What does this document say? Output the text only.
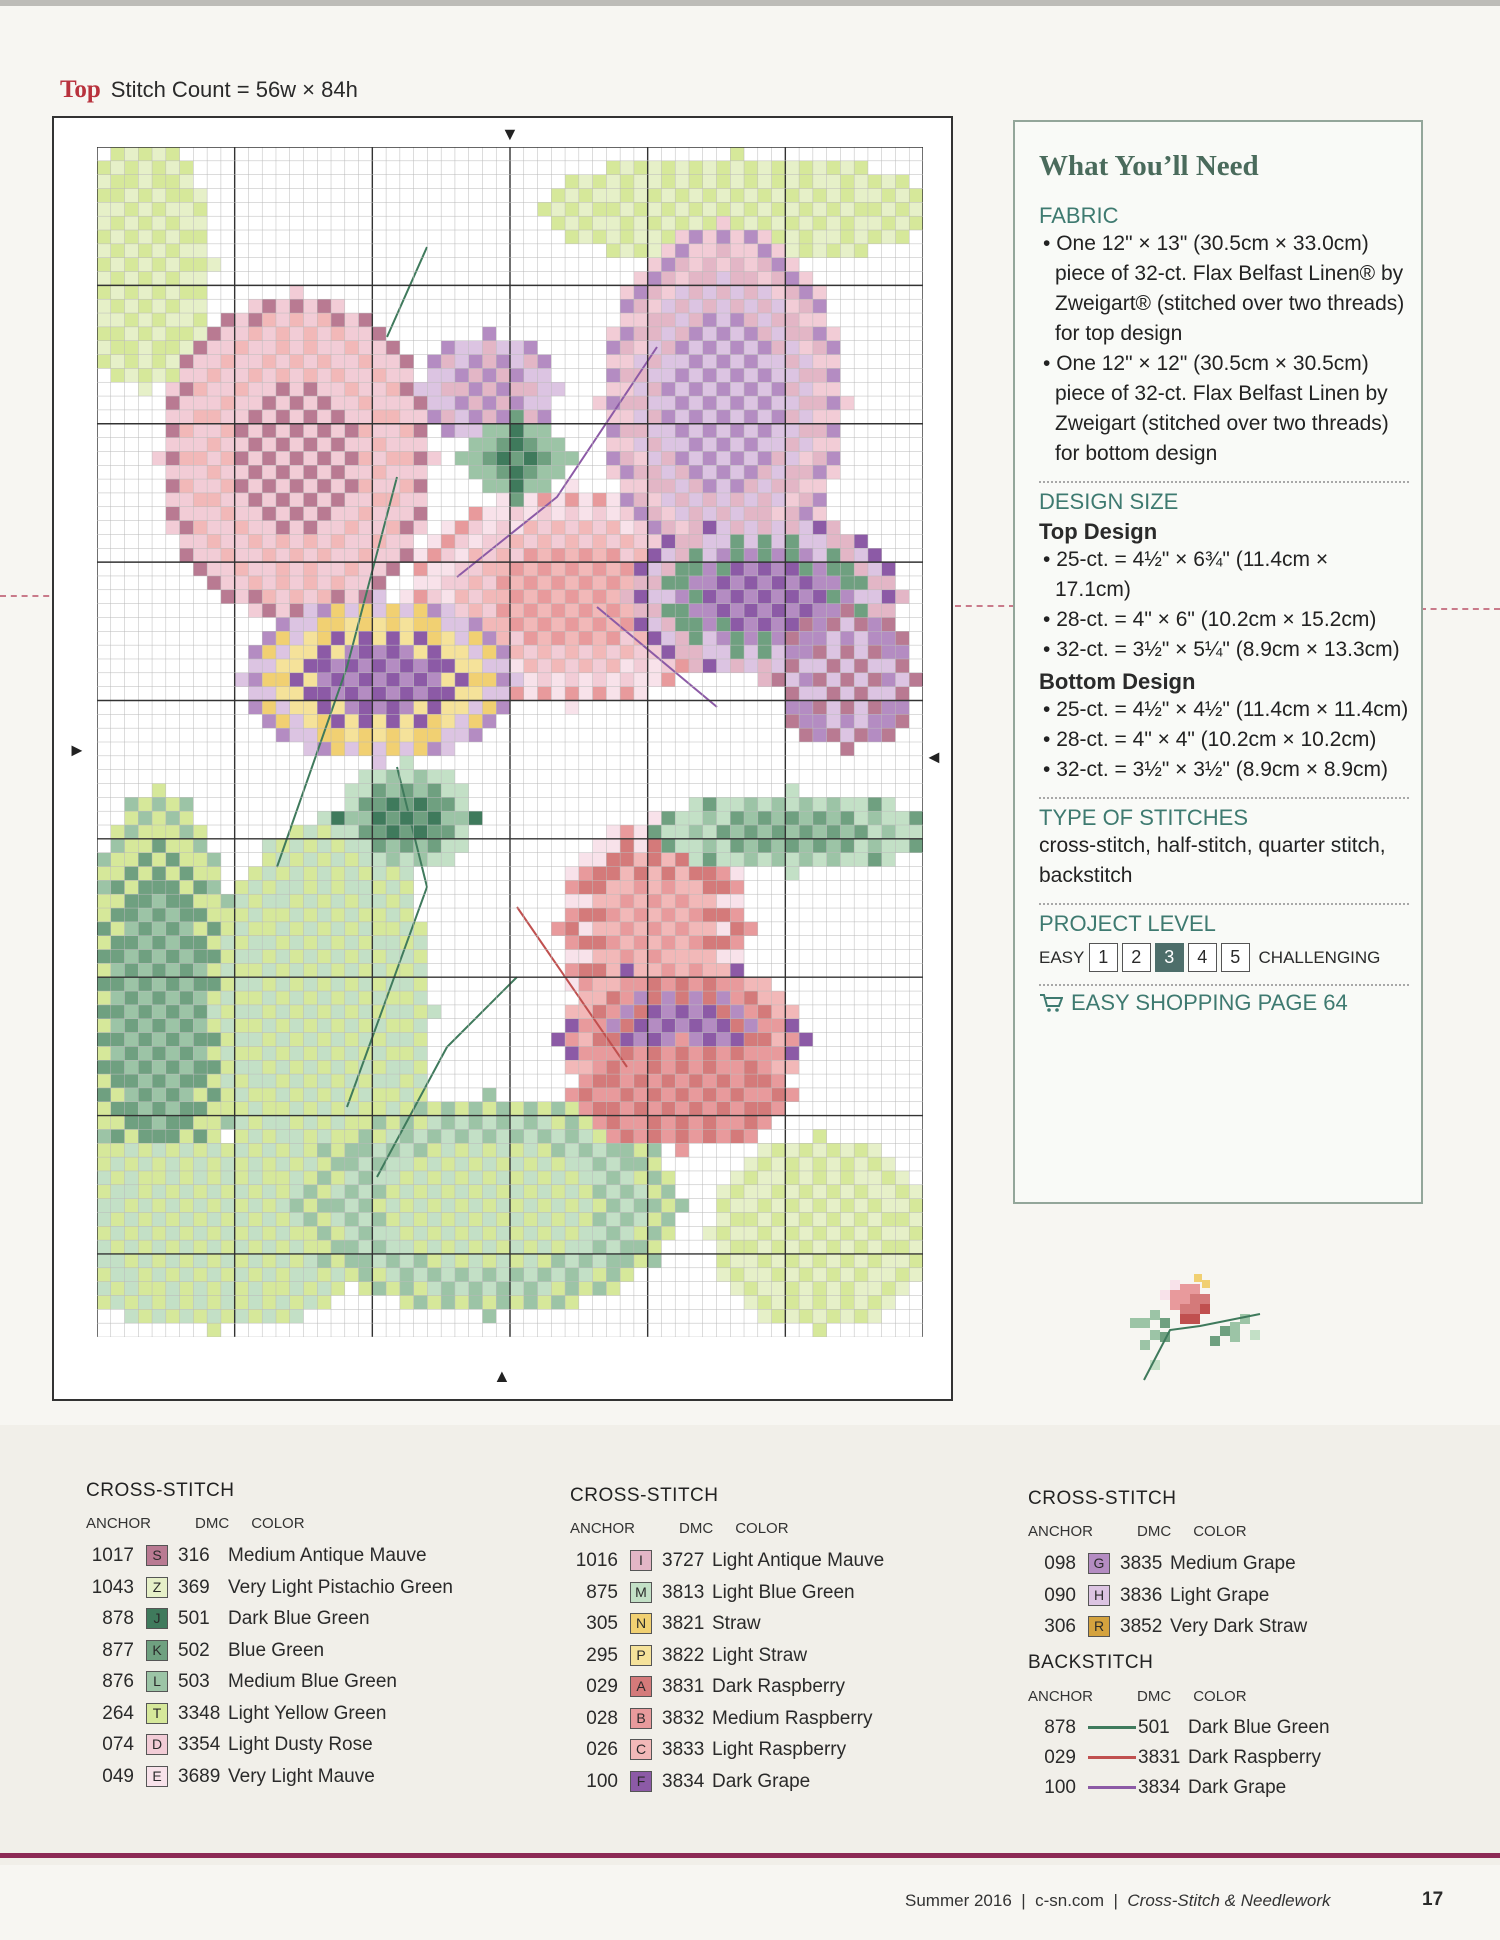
Top Stitch Count = 56w × 84h
▼
▲
►	◄
What You’ll Need
FABRIC
• One 12" × 13" (30.5cm × 33.0cm) piece of 32-ct. Flax Belfast Linen® by Zweigart® (stitched over two threads) for top design
• One 12" × 12" (30.5cm × 30.5cm) piece of 32-ct. Flax Belfast Linen by Zweigart (stitched over two threads) for bottom design
DESIGN SIZE
Top Design
• 25-ct. = 4½" × 6¾" (11.4cm × 17.1cm)
• 28-ct. = 4" × 6" (10.2cm × 15.2cm)
• 32-ct. = 3½" × 5¼" (8.9cm × 13.3cm)
Bottom Design
• 25-ct. = 4½" × 4½" (11.4cm × 11.4cm)
• 28-ct. = 4" × 4" (10.2cm × 10.2cm)
• 32-ct. = 3½" × 3½" (8.9cm × 8.9cm)
TYPE OF STITCHES
cross-stitch, half-stitch, quarter stitch, backstitch
PROJECT LEVEL
EASY 1 2 3 4 5 CHALLENGING
EASY SHOPPING PAGE 64
CROSS-STITCH
ANCHOR	DMC COLOR
1017 S 316 Medium Antique Mauve
1043 Z 369 Very Light Pistachio Green
878 J 501 Dark Blue Green
877 K 502 Blue Green
876 L 503 Medium Blue Green
264 T 3348 Light Yellow Green
074 D 3354 Light Dusty Rose
049 E 3689 Very Light Mauve
CROSS-STITCH
ANCHOR	DMC COLOR
1016 I 3727 Light Antique Mauve
875 M 3813 Light Blue Green
305 N 3821 Straw
295 P 3822 Light Straw
029 A 3831 Dark Raspberry
028 B 3832 Medium Raspberry
026 C 3833 Light Raspberry
100 F 3834 Dark Grape
CROSS-STITCH
ANCHOR	DMC COLOR
098 G 3835 Medium Grape
090 H 3836 Light Grape
306 R 3852 Very Dark Straw
BACKSTITCH
ANCHOR	DMC COLOR
878	501 Dark Blue Green
029	3831 Dark Raspberry
100	3834 Dark Grape
Summer 2016  |  c-sn.com  |  Cross-Stitch & Needlework	17
